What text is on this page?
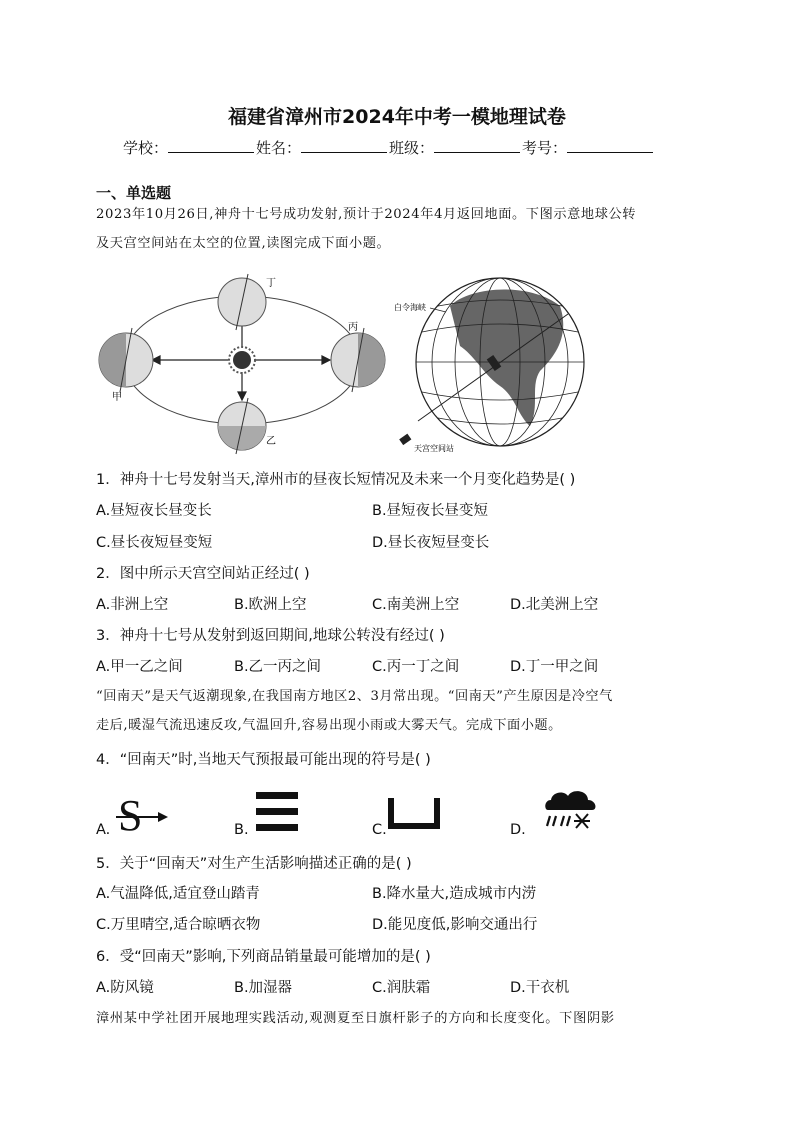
福建省漳州市2024年中考一模地理试卷
学校：	姓名：	班级：	考号：
一、单选题
2023年10月26日,神舟十七号成功发射,预计于2024年4月返回地面。下图示意地球公转
及天宫空间站在太空的位置,读图完成下面小题。
甲
乙
丙
丁
白令海峡
天宫空间站
1．神舟十七号发射当天,漳州市的昼夜长短情况及未来一个月变化趋势是( )
A.昼短夜长昼变长	B.昼短夜长昼变短
C.昼长夜短昼变短	D.昼长夜短昼变长
2．图中所示天宫空间站正经过( )
A.非洲上空	B.欧洲上空	C.南美洲上空	D.北美洲上空
3．神舟十七号从发射到返回期间,地球公转没有经过( )
A.甲一乙之间	B.乙一丙之间	C.丙一丁之间	D.丁一甲之间
“回南天”是天气返潮现象,在我国南方地区2、3月常出现。“回南天”产生原因是冷空气
走后,暖湿气流迅速反攻,气温回升,容易出现小雨或大雾天气。完成下面小题。
4．“回南天”时,当地天气预报最可能出现的符号是( )
A. S	B.	C.	D.
5．关于“回南天”对生产生活影响描述正确的是( )
A.气温降低,适宜登山踏青	B.降水量大,造成城市内涝
C.万里晴空,适合晾晒衣物	D.能见度低,影响交通出行
6．受“回南天”影响,下列商品销量最可能增加的是( )
A.防风镜	B.加湿器	C.润肤霜	D.干衣机
漳州某中学社团开展地理实践活动,观测夏至日旗杆影子的方向和长度变化。下图阴影
